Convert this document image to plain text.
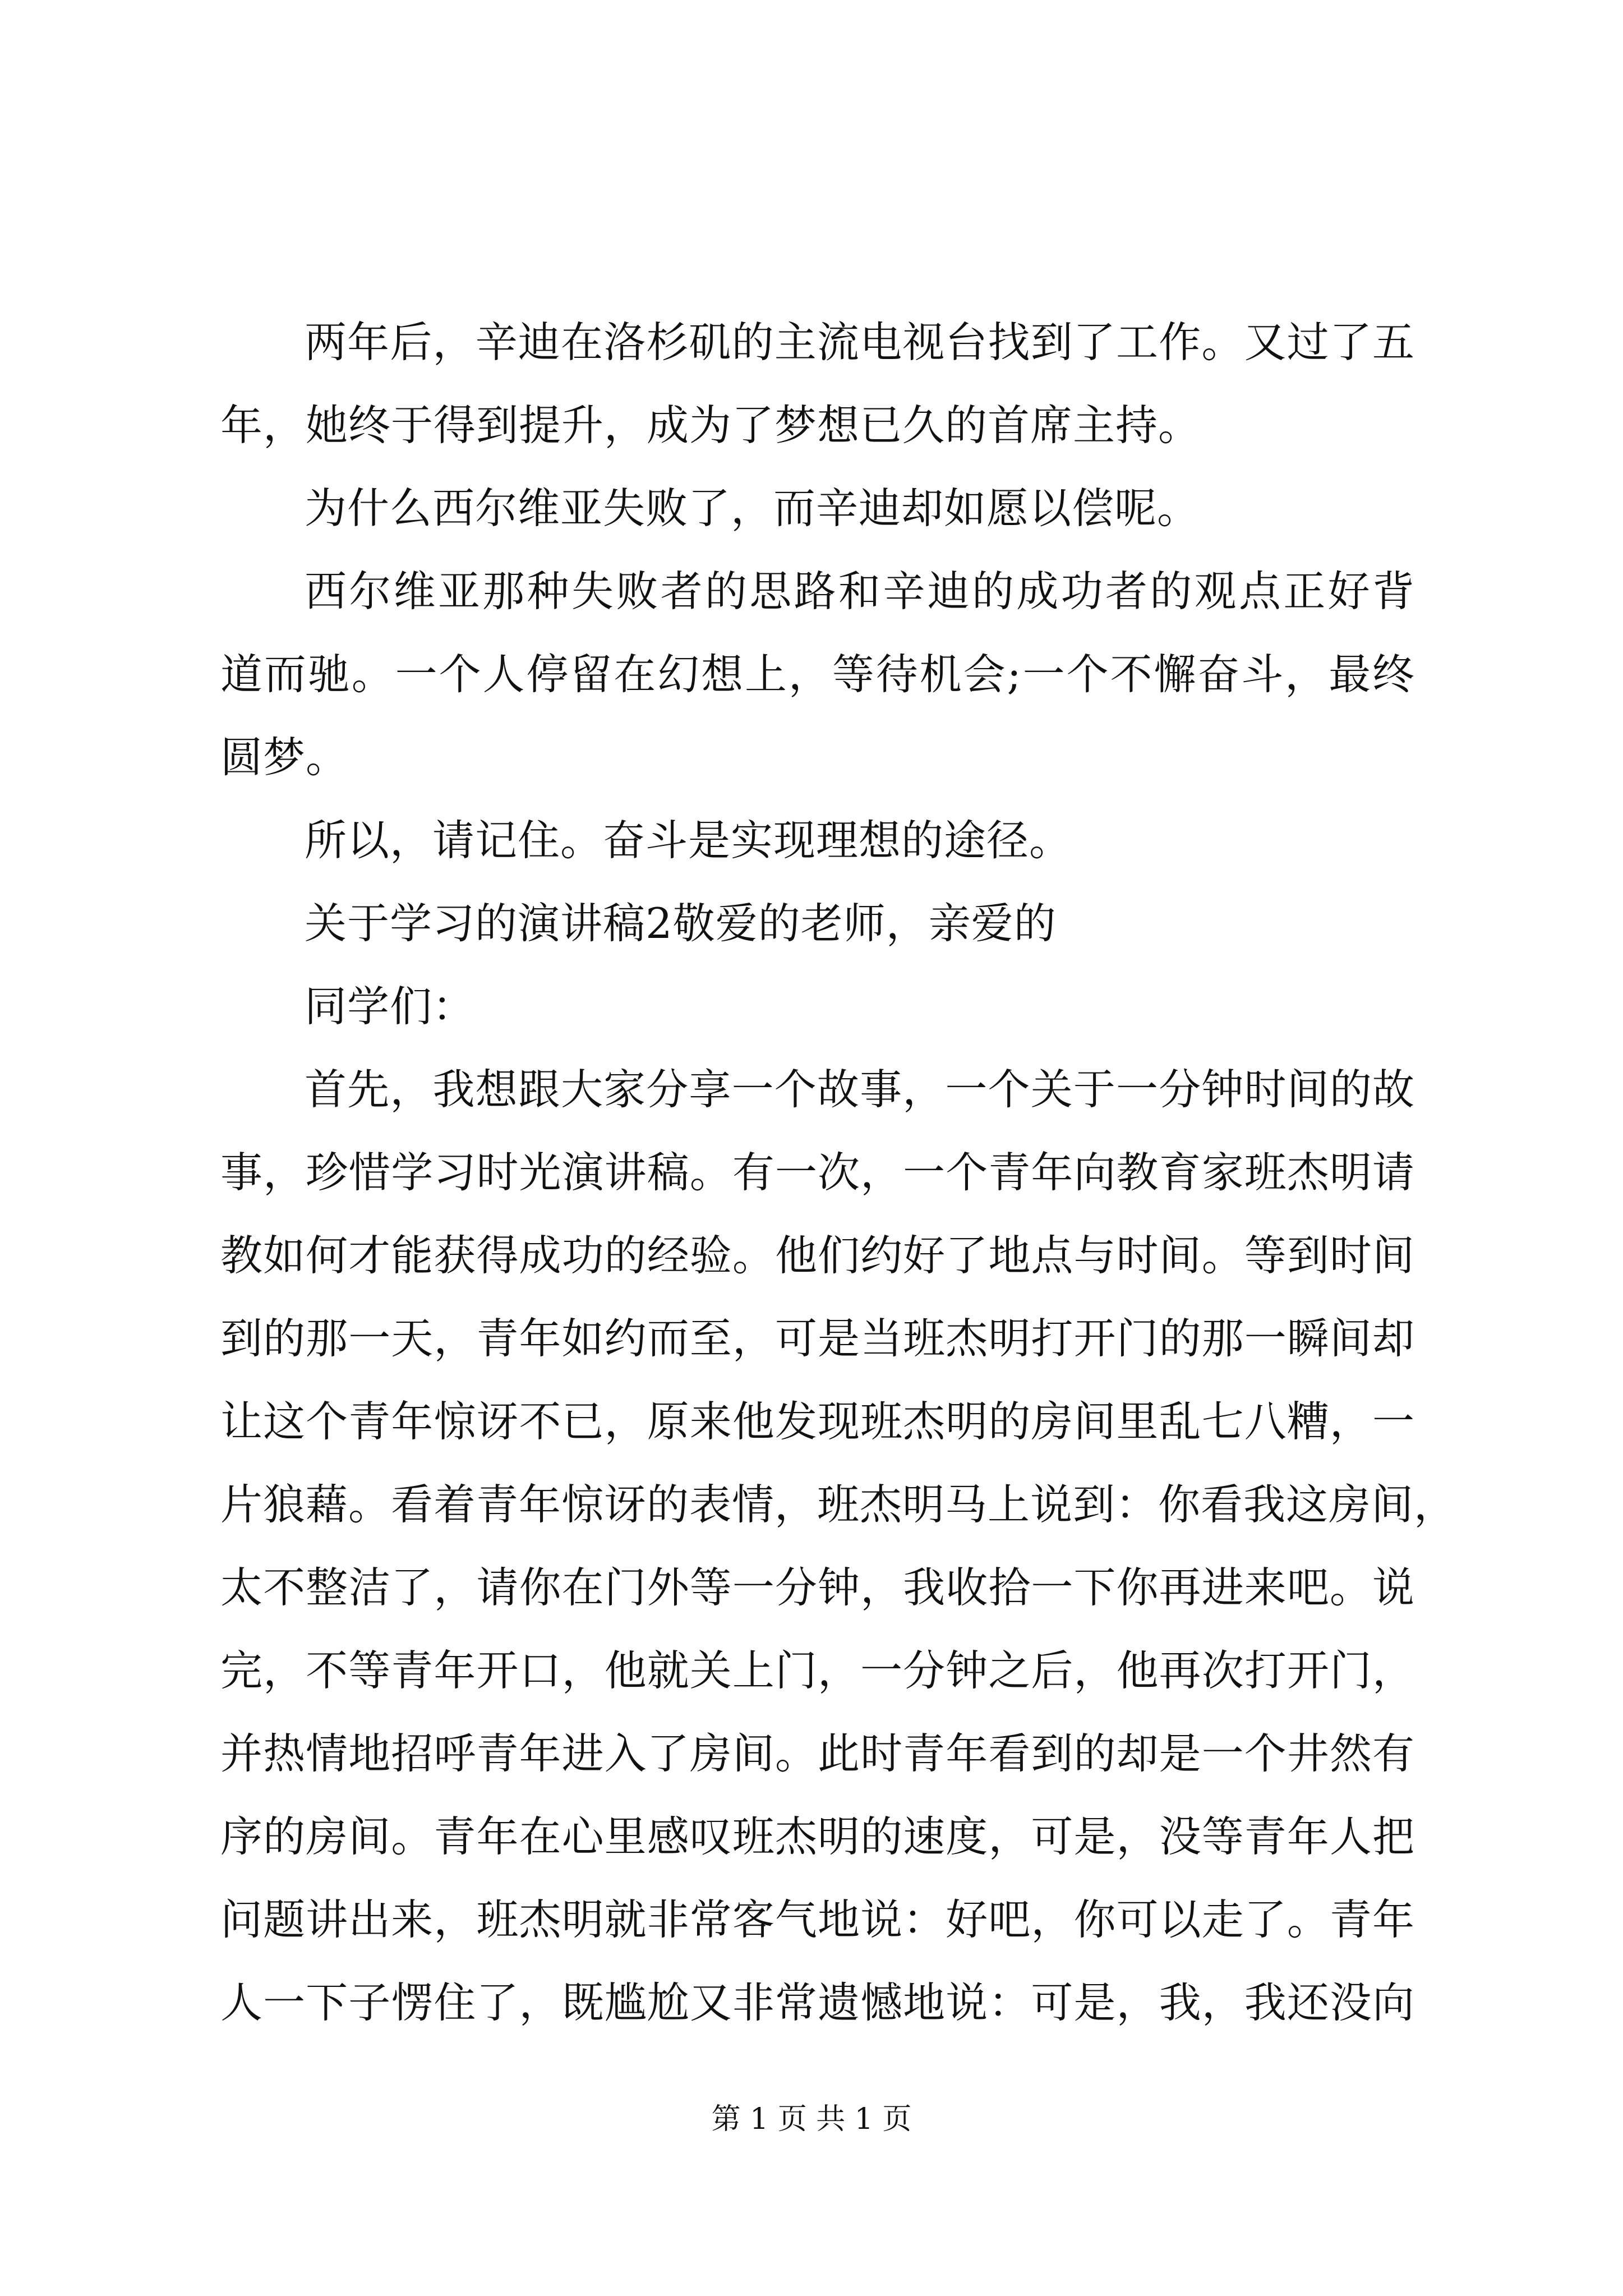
两年后，辛迪在洛杉矶的主流电视台找到了工作。又过了五
年，她终于得到提升，成为了梦想已久的首席主持。
为什么西尔维亚失败了，而辛迪却如愿以偿呢。
西尔维亚那种失败者的思路和辛迪的成功者的观点正好背
道而驰。一个人停留在幻想上，等待机会;一个不懈奋斗，最终
圆梦。
所以，请记住。奋斗是实现理想的途径。
关于学习的演讲稿2敬爱的老师，亲爱的
同学们：
首先，我想跟大家分享一个故事，一个关于一分钟时间的故
事，珍惜学习时光演讲稿。有一次，一个青年向教育家班杰明请
教如何才能获得成功的经验。他们约好了地点与时间。等到时间
到的那一天，青年如约而至，可是当班杰明打开门的那一瞬间却
让这个青年惊讶不已，原来他发现班杰明的房间里乱七八糟，一
片狼藉。看着青年惊讶的表情，班杰明马上说到：你看我这房间，
太不整洁了，请你在门外等一分钟，我收拾一下你再进来吧。说
完，不等青年开口，他就关上门，一分钟之后，他再次打开门，
并热情地招呼青年进入了房间。此时青年看到的却是一个井然有
序的房间。青年在心里感叹班杰明的速度，可是，没等青年人把
问题讲出来，班杰明就非常客气地说：好吧，你可以走了。青年
人一下子愣住了，既尴尬又非常遗憾地说：可是，我，我还没向
第 1 页 共 1 页
